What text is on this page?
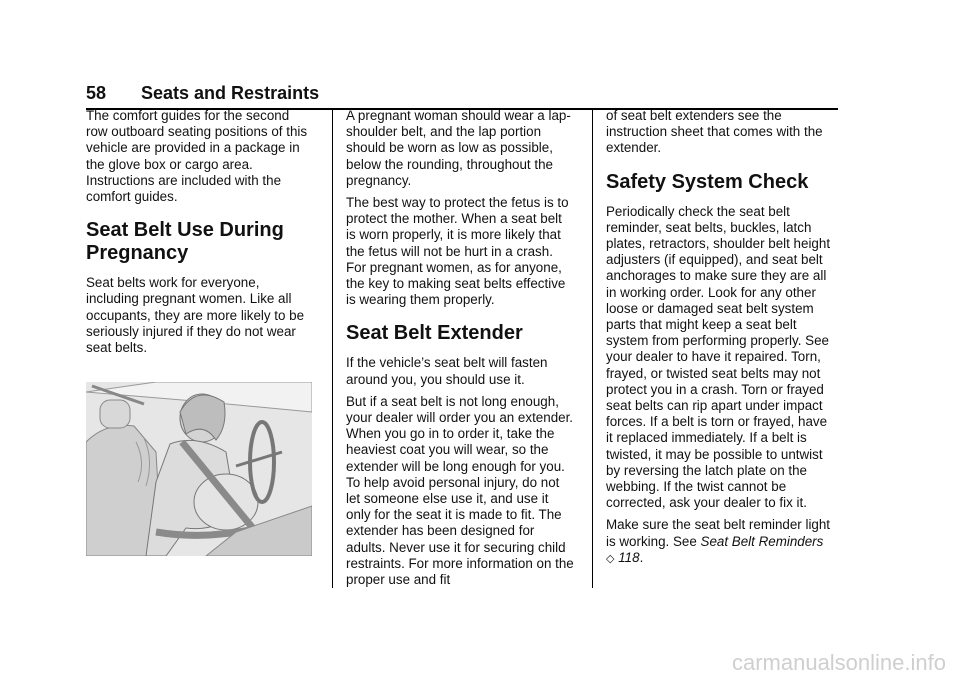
58 Seats and Restraints

The comfort guides for the second row outboard seating positions of this vehicle are provided in a package in the glove box or cargo area. Instructions are included with the comfort guides.

Seat Belt Use During Pregnancy

Seat belts work for everyone, including pregnant women. Like all occupants, they are more likely to be seriously injured if they do not wear seat belts.

A pregnant woman should wear a lap-shoulder belt, and the lap portion should be worn as low as possible, below the rounding, throughout the pregnancy.

The best way to protect the fetus is to protect the mother. When a seat belt is worn properly, it is more likely that the fetus will not be hurt in a crash. For pregnant women, as for anyone, the key to making seat belts effective is wearing them properly.

Seat Belt Extender

If the vehicle’s seat belt will fasten around you, you should use it.

But if a seat belt is not long enough, your dealer will order you an extender. When you go in to order it, take the heaviest coat you will wear, so the extender will be long enough for you. To help avoid personal injury, do not let someone else use it, and use it only for the seat it is made to fit. The extender has been designed for adults. Never use it for securing child restraints. For more information on the proper use and fit

of seat belt extenders see the instruction sheet that comes with the extender.

Safety System Check

Periodically check the seat belt reminder, seat belts, buckles, latch plates, retractors, shoulder belt height adjusters (if equipped), and seat belt anchorages to make sure they are all in working order. Look for any other loose or damaged seat belt system parts that might keep a seat belt system from performing properly. See your dealer to have it repaired. Torn, frayed, or twisted seat belts may not protect you in a crash. Torn or frayed seat belts can rip apart under impact forces. If a belt is torn or frayed, have it replaced immediately. If a belt is twisted, it may be possible to untwist by reversing the latch plate on the webbing. If the twist cannot be corrected, ask your dealer to fix it.

Make sure the seat belt reminder light is working. See Seat Belt Reminders ◇ 118.

carmanualsonline.info
